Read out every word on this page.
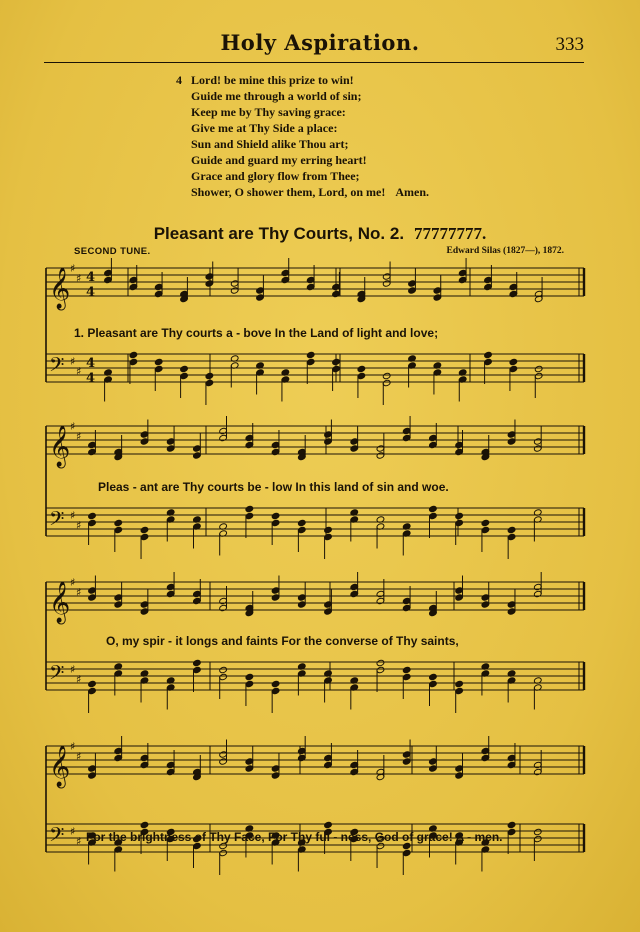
Holy Aspiration.	333
4 Lord! be mine this prize to win!
Guide me through a world of sin;
Keep me by Thy saving grace:
Give me at Thy Side a place:
Sun and Shield alike Thou art;
Guide and guard my erring heart!
Grace and glory flow from Thee;
Shower, O shower them, Lord, on me! Amen.
Pleasant are Thy Courts, No. 2. 77777777.
SECOND TUNE.	Edward Silas (1827—), 1872.
𝄞 ♯
♯ 4
4
𝄢 ♯
♯
4
4
𝄞 ♯
♯
𝄢 ♯
♯
𝄞 ♯
♯
𝄢 ♯
♯
𝄞 ♯
♯
𝄢 ♯
♯
1. Pleasant are Thy courts a - bove In the Land of light and love;
Pleas - ant are Thy courts be - low In this land of sin and woe.
O, my spir - it longs and faints For the converse of Thy saints,
For the brightness of Thy Face, For Thy ful - ness, God of grace! A - men.
